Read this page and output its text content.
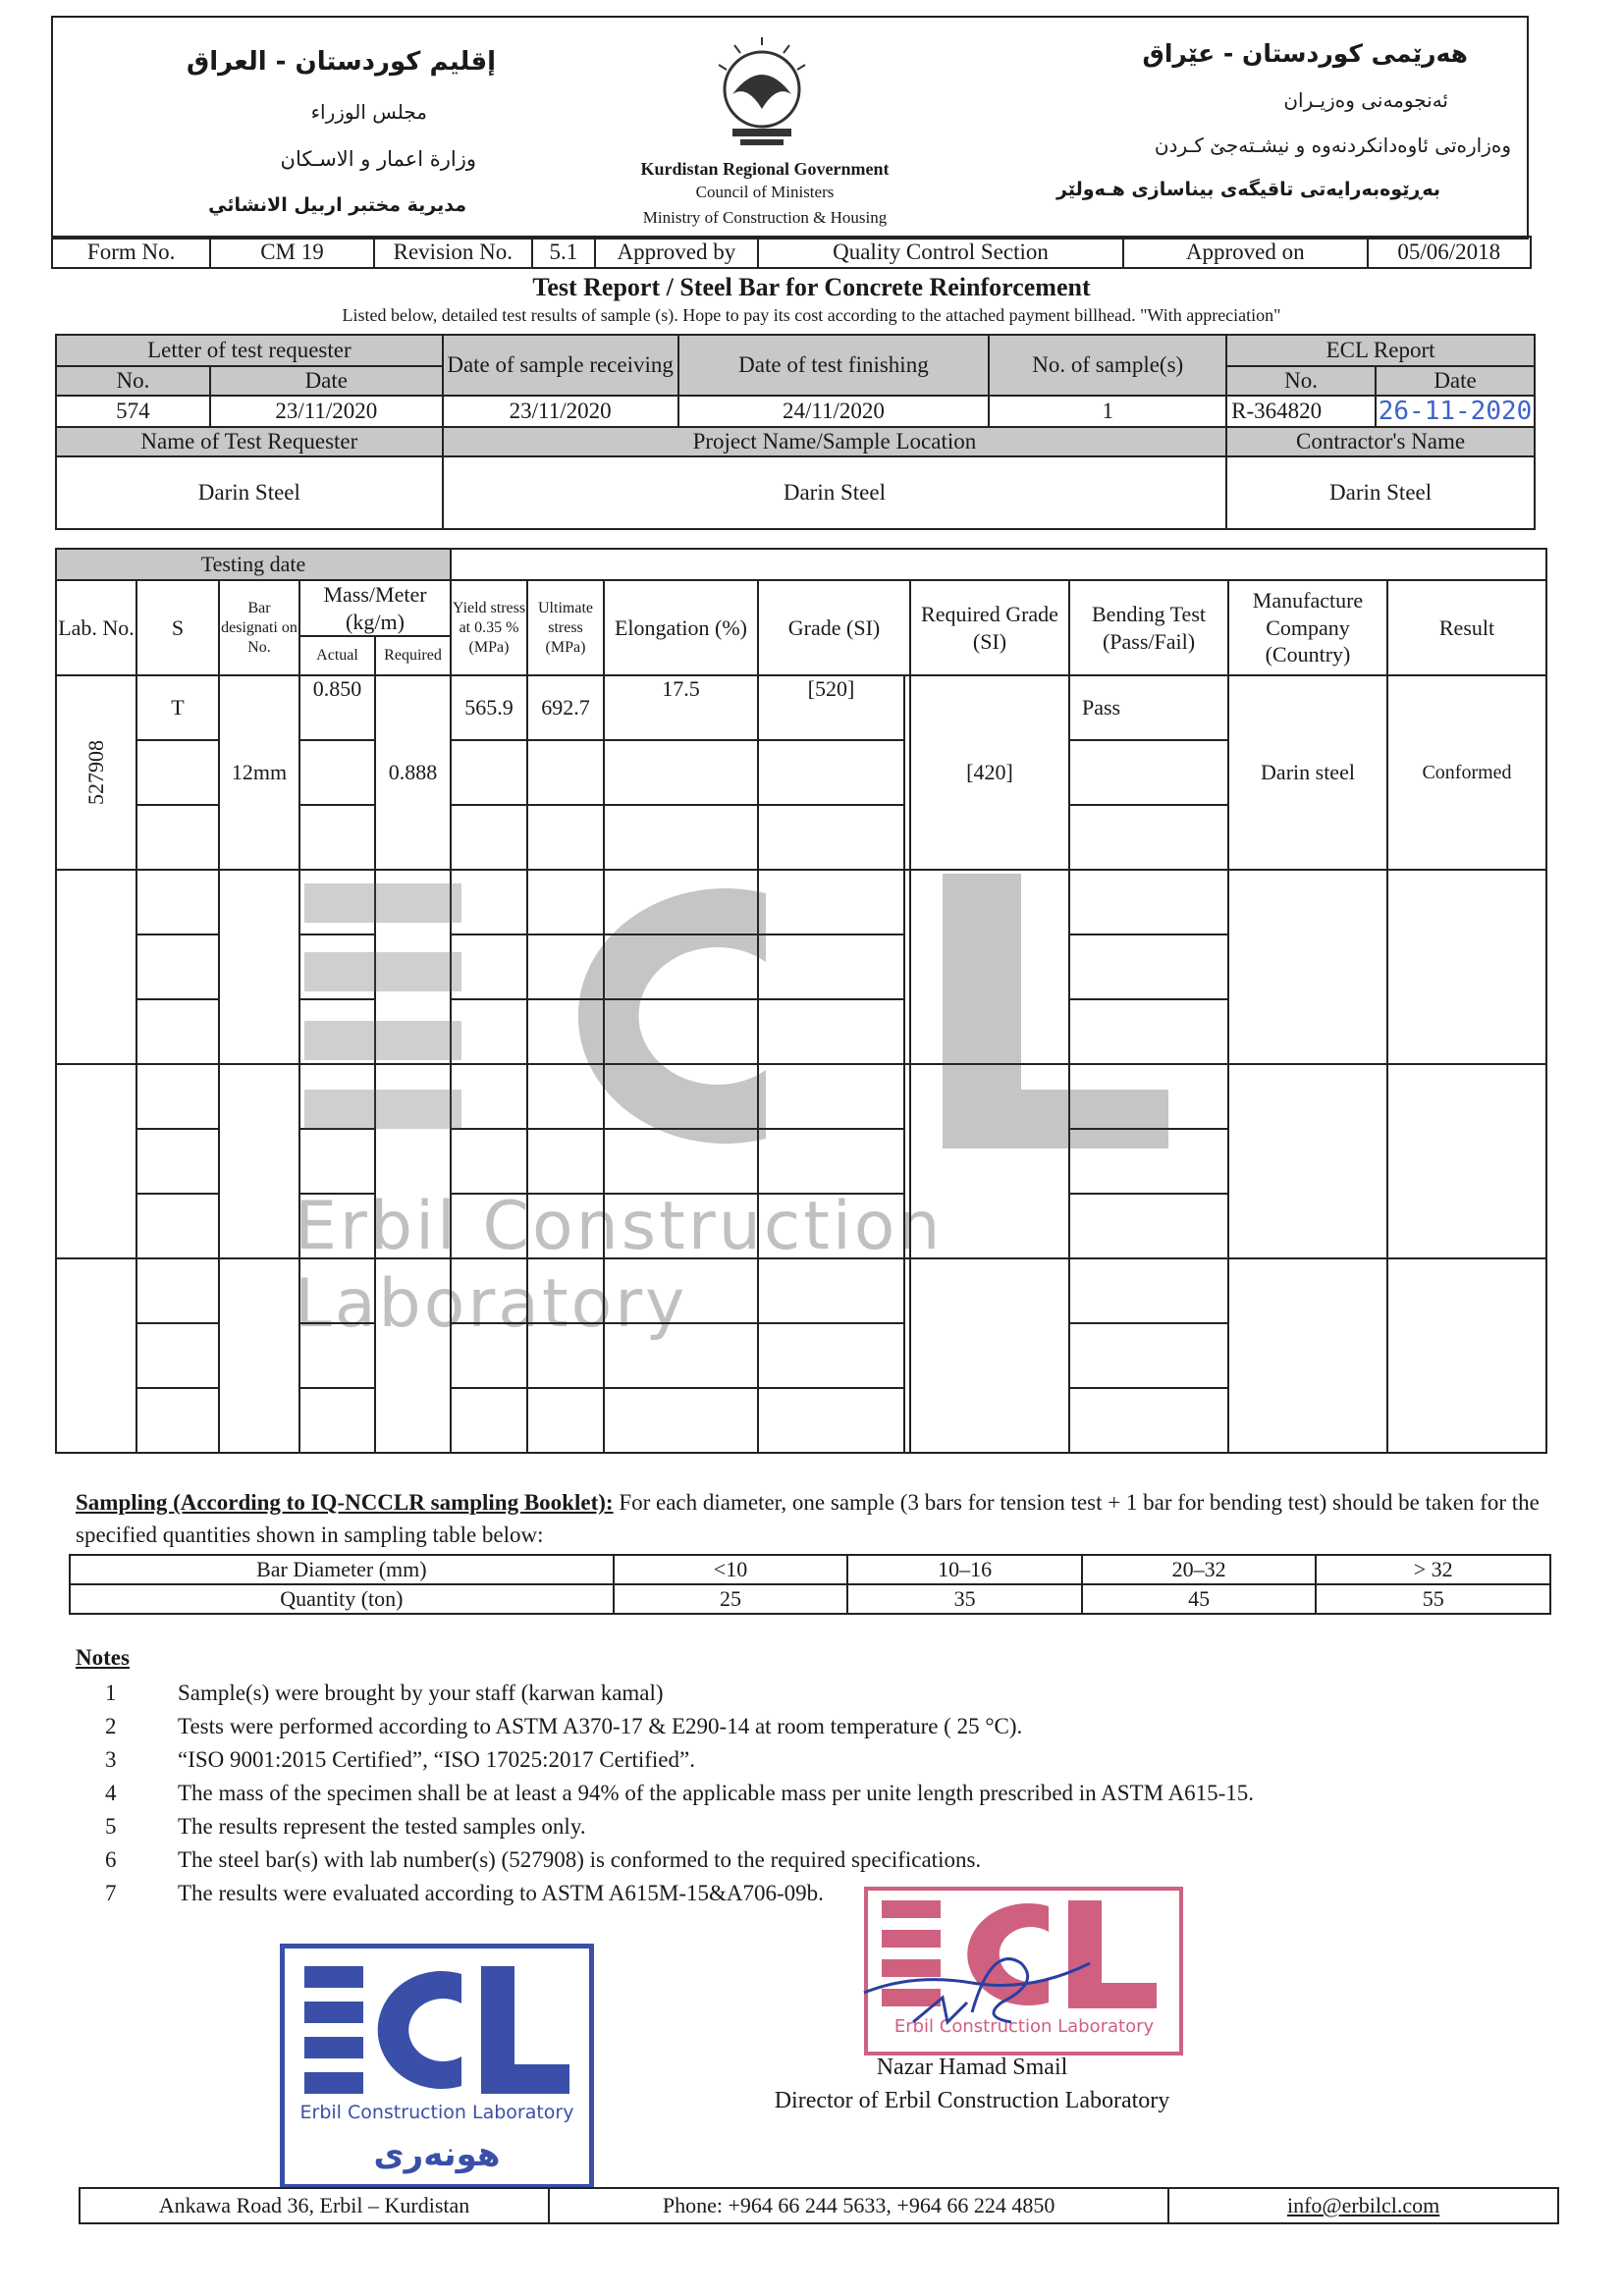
إقليم كوردستان - العراق
مجلس الوزراء
وزارة اعمار و الاسـكان
مديرية مختبر اربيل الانشائي
Kurdistan Regional Government
Council of Ministers
Ministry of Construction & Housing
هەرێمی کوردستان - عێراق
ئەنجومەنی وەزیـران
وەزارەتی ئاوەدانکردنەوە و نیشـتەجێ کـردن
بەڕێوەبەرایەتی تاقیگەی بیناسازی هـەولێر
Form No.	CM 19	Revision No.	5.1	Approved by	Quality Control Section	Approved on	05/06/2018
Test Report / Steel Bar for Concrete Reinforcement
Listed below, detailed test results of sample (s). Hope to pay its cost according to the attached payment billhead. "With appreciation"
Letter of test requester		Date of sample receiving	Date of test finishing	No. of sample(s)	ECL Report	
No.	Date				No.	Date
574	23/11/2020	23/11/2020	24/11/2020	1	R-364820	26-11-2020
Name of Test Requester		Project Name/Sample Location			Contractor's Name	
Darin Steel		Darin Steel			Darin Steel	
Testing date													
Lab. No.	S	Bar designati on No.	Mass/Meter (kg/m)		Yield stress at 0.35 % (MPa)	Ultimate stress (MPa)	Elongation (%)	Grade (SI)		Required Grade (SI)	Bending Test (Pass/Fail)	Manufacture Company (Country)	Result
			Actual	Required									

527908	T	12mm	0.850	0.888	565.9	692.7	17.5	[520]		[420]	Pass	Darin steel	Conformed

Erbil Construction Laboratory
Sampling (According to IQ-NCCLR sampling Booklet): For each diameter, one sample (3 bars for tension test + 1 bar for bending test) should be taken for the specified quantities shown in sampling table below:
Bar Diameter (mm)	<10	10–16	20–32	> 32
Quantity (ton)	25	35	45	55
Notes
1	Sample(s) were brought by your staff (karwan kamal)
2	Tests were performed according to ASTM A370-17 & E290-14 at room temperature ( 25 °C).
3	“ISO 9001:2015 Certified”, “ISO 17025:2017 Certified”.
4	The mass of the specimen shall be at least a 94% of the applicable mass per unite length prescribed in ASTM A615-15.
5	The results represent the tested samples only.
6	The steel bar(s) with lab number(s) (527908) is conformed to the required specifications.
7	The results were evaluated according to ASTM A615M-15&A706-09b.
Erbil Construction Laboratory
هونەری
Erbil Construction Laboratory
Nazar Hamad Smail
Director of Erbil Construction Laboratory
Ankawa Road 36, Erbil – Kurdistan	Phone: +964 66 244 5633, +964 66 224 4850	info@erbilcl.com
